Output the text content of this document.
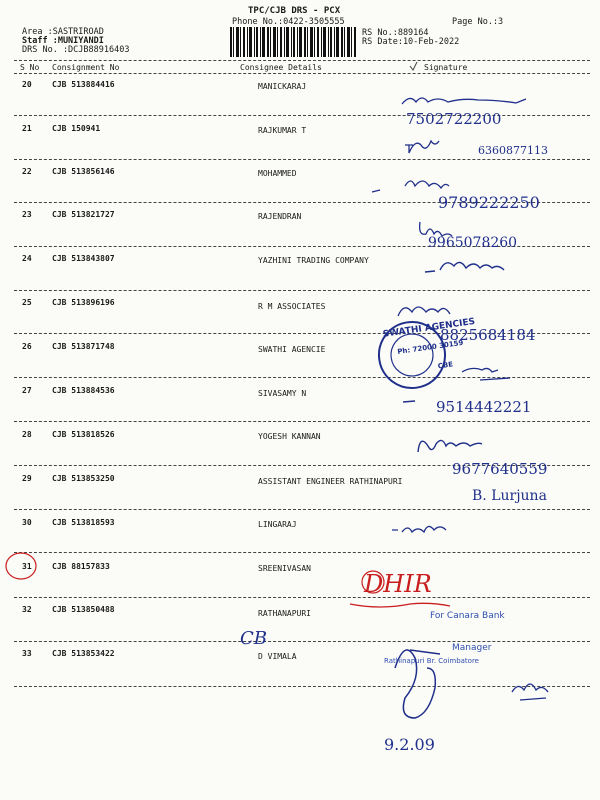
TPC/CJB DRS - PCX
Phone No.:0422-3505555	Page No.:3
Area :SASTRIROAD
Staff :MUNIYANDI
DRS No. :DCJB88916403
RS No.:889164
RS Date:10-Feb-2022
S No Consignment No	Consignee Details	Signature
20	CJB 513884416	MANICKARAJ
21	CJB 150941	RAJKUMAR T
22	CJB 513856146	MOHAMMED
23	CJB 513821727	RAJENDRAN
24	CJB 513843807	YAZHINI TRADING COMPANY
25	CJB 513896196	R M ASSOCIATES
26	CJB 513871748	SWATHI AGENCIE
27	CJB 513884536	SIVASAMY N
28	CJB 513818526	YOGESH KANNAN
29	CJB 513853250	ASSISTANT ENGINEER RATHINAPURI
30	CJB 513818593	LINGARAJ
31	CJB 88157833	SREENIVASAN
32	CJB 513850488	RATHANAPURI
33	CJB 513853422	D VIMALA
7502722200
6360877113
9789222250
9965078260
8825684184
SWATHI AGENCIES
Ph: 72000 30159
CBE
9514442221
9677640559
B. Lurjuna
DHIR
For Canara Bank
Manager
Rathinapuri Br. Coimbatore
CB
9.2.09
